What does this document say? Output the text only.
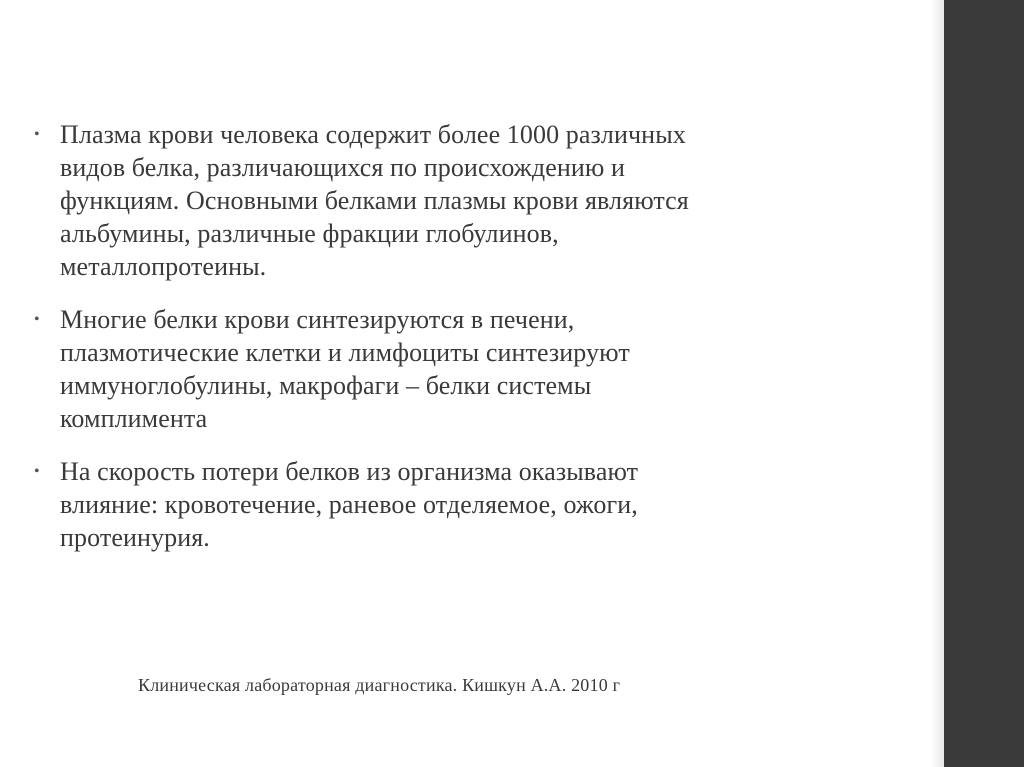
• Плазма крови человека содержит более 1000 различных
видов белка, различающихся по происхождению и
функциям. Основными белками плазмы крови являются
альбумины, различные фракции глобулинов,
металлопротеины.
• Многие белки крови синтезируются в печени,
плазмотические клетки и лимфоциты синтезируют
иммуноглобулины, макрофаги – белки системы
комплимента
• На скорость потери белков из организма оказывают
влияние: кровотечение, раневое отделяемое, ожоги,
протеинурия.
Клиническая лабораторная диагностика. Кишкун А.А. 2010 г
